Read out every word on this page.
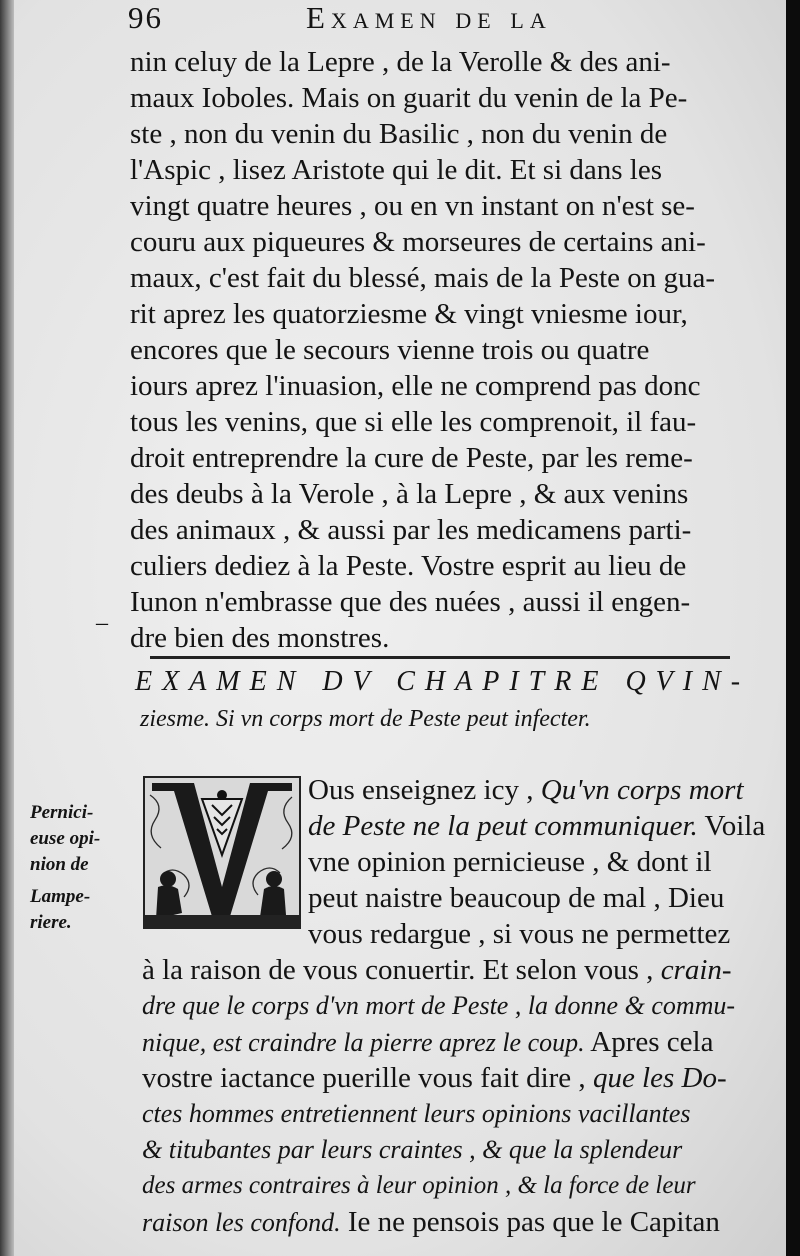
96	Examen de la
nin celuy de la Lepre , de la Verolle & des ani-
maux Ioboles. Mais on guarit du venin de la Pe-
ste , non du venin du Basilic , non du venin de
l'Aspic , lisez Aristote qui le dit. Et si dans les
vingt quatre heures , ou en vn instant on n'est se-
couru aux piqueures & morseures de certains ani-
maux, c'est fait du blessé, mais de la Peste on gua-
rit aprez les quatorziesme & vingt vniesme iour,
encores que le secours vienne trois ou quatre
iours aprez l'inuasion, elle ne comprend pas donc
tous les venins, que si elle les comprenoit, il fau-
droit entreprendre la cure de Peste, par les reme-
des deubs à la Verole , à la Lepre , & aux venins
des animaux , & aussi par les medicamens parti-
culiers dediez à la Peste. Vostre esprit au lieu de
Iunon n'embrasse que des nuées , aussi il engen-
dre bien des monstres.
–
EXAMEN DV CHAPITRE QVIN-
ziesme. Si vn corps mort de Peste peut infecter.
Pernici-
euse opi-
nion de
Lampe-
riere.
Ous enseignez icy , Qu'vn corps mort
de Peste ne la peut communiquer. Voila
vne opinion pernicieuse , & dont il
peut naistre beaucoup de mal , Dieu
vous redargue , si vous ne permettez
à la raison de vous conuertir. Et selon vous , crain-
dre que le corps d'vn mort de Peste , la donne & commu-
nique, est craindre la pierre aprez le coup. Apres cela
vostre iactance puerille vous fait dire , que les Do-
ctes hommes entretiennent leurs opinions vacillantes
& titubantes par leurs craintes , & que la splendeur
des armes contraires à leur opinion , & la force de leur
raison les confond. Ie ne pensois pas que le Capitan
